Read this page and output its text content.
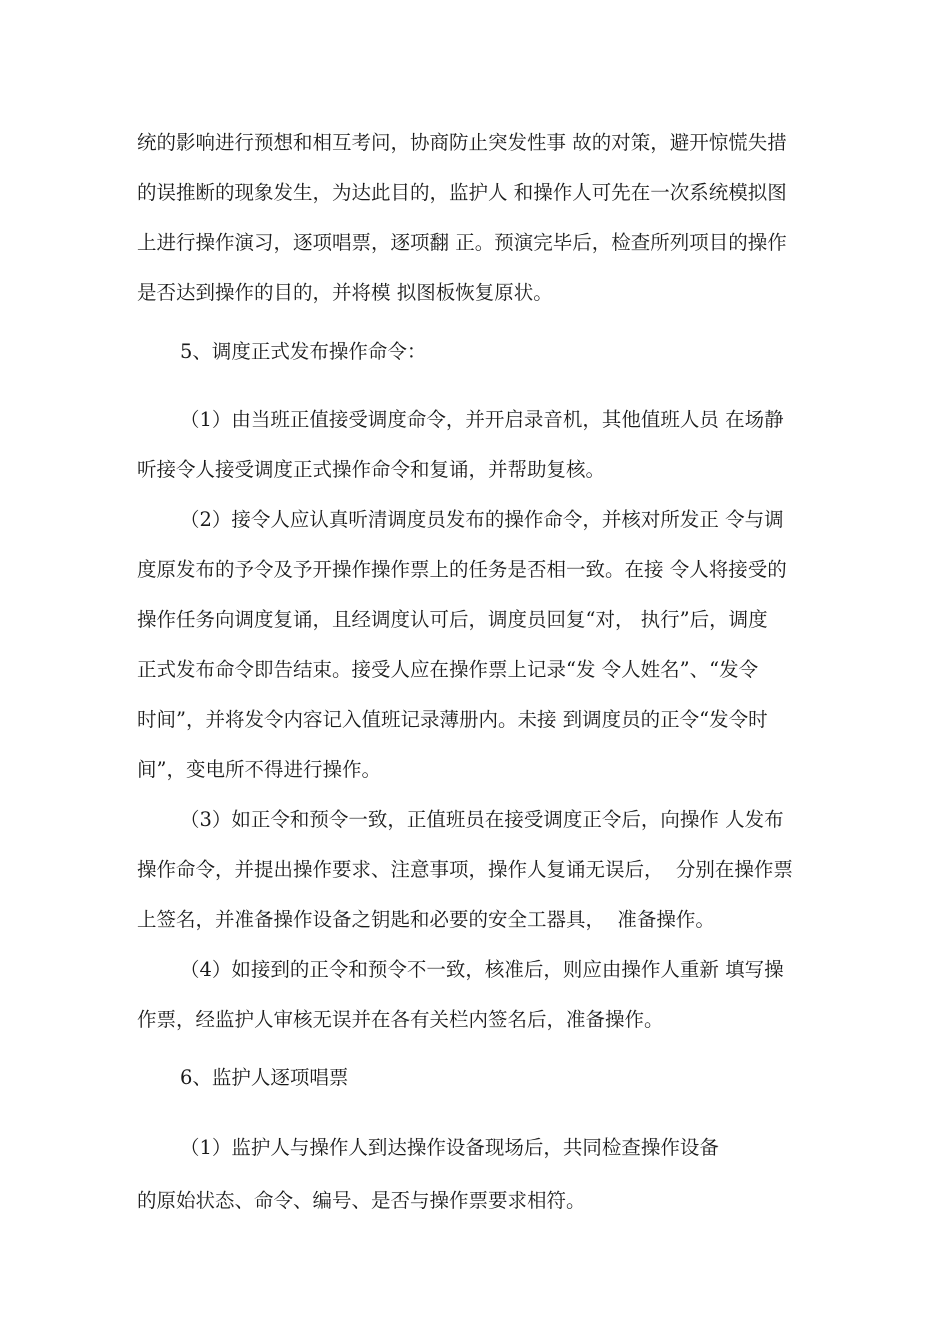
统的影响进行预想和相互考问，协商防止突发性事 故的对策，避开惊慌失措
的误推断的现象发生，为达此目的，监护人 和操作人可先在一次系统模拟图
上进行操作演习，逐项唱票，逐项翻 正。预演完毕后，检查所列项目的操作
是否达到操作的目的，并将模 拟图板恢复原状。
5、调度正式发布操作命令：
（1）由当班正值接受调度命令，并开启录音机，其他值班人员 在场静
听接令人接受调度正式操作命令和复诵，并帮助复核。
（2）接令人应认真听清调度员发布的操作命令，并核对所发正 令与调
度原发布的予令及予开操作操作票上的任务是否相一致。在接 令人将接受的
操作任务向调度复诵，且经调度认可后，调度员回复“对， 执行”后，调度
正式发布命令即告结束。接受人应在操作票上记录“发 令人姓名”、“发令
时间”，并将发令内容记入值班记录薄册内。未接 到调度员的正令“发令时
间”，变电所不得进行操作。
（3）如正令和预令一致，正值班员在接受调度正令后，向操作 人发布
操作命令，并提出操作要求、注意事项，操作人复诵无误后，  分别在操作票
上签名，并准备操作设备之钥匙和必要的安全工器具，  准备操作。
（4）如接到的正令和预令不一致，核准后，则应由操作人重新 填写操
作票，经监护人审核无误并在各有关栏内签名后，准备操作。
6、监护人逐项唱票
（1）监护人与操作人到达操作设备现场后，共同检查操作设备
的原始状态、命令、编号、是否与操作票要求相符。
